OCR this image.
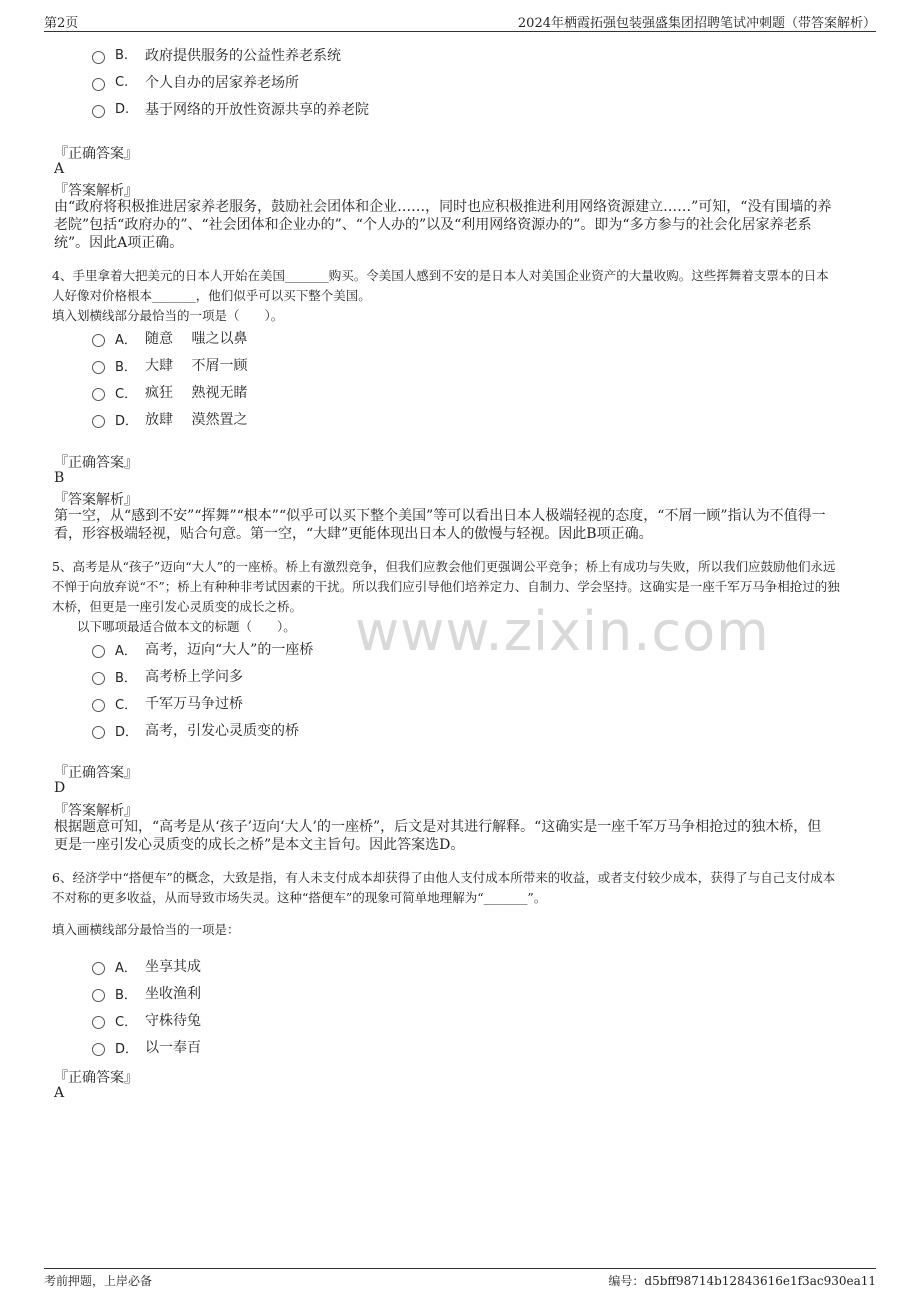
第2页	2024年栖霞拓强包装强盛集团招聘笔试冲刺题（带答案解析）
www.zixin.com
B.	政府提供服务的公益性养老系统
C.	个人自办的居家养老场所
D.	基于网络的开放性资源共享的养老院
『正确答案』
A
『答案解析』
由“政府将积极推进居家养老服务，鼓励社会团体和企业……，同时也应积极推进利用网络资源建立……”可知，“没有围墙的养
老院”包括“政府办的”、“社会团体和企业办的”、“个人办的”以及“利用网络资源办的”。即为“多方参与的社会化居家养老系
统”。因此A项正确。
4、手里拿着大把美元的日本人开始在美国_______购买。令美国人感到不安的是日本人对美国企业资产的大量收购。这些挥舞着支票本的日本
人好像对价格根本_______，他们似乎可以买下整个美国。
填入划横线部分最恰当的一项是（　　）。
A． 随意　 嗤之以鼻
B． 大肆　 不屑一顾
C． 疯狂　 熟视无睹
D． 放肆　 漠然置之
『正确答案』
B
『答案解析』
第一空，从“感到不安”“挥舞”“根本”“似乎可以买下整个美国”等可以看出日本人极端轻视的态度，“不屑一顾”指认为不值得一
看，形容极端轻视，贴合句意。第一空，“大肆”更能体现出日本人的傲慢与轻视。因此B项正确。
5、高考是从“孩子”迈向“大人”的一座桥。桥上有激烈竞争，但我们应教会他们更强调公平竞争；桥上有成功与失败，所以我们应鼓励他们永远
不惮于向放弃说“不”；桥上有种种非考试因素的干扰。所以我们应引导他们培养定力、自制力、学会坚持。这确实是一座千军万马争相抢过的独
木桥，但更是一座引发心灵质变的成长之桥。
　　以下哪项最适合做本文的标题（　　）。
A． 高考，迈向“大人”的一座桥
B． 高考桥上学问多
C． 千军万马争过桥
D． 高考，引发心灵质变的桥
『正确答案』
D
『答案解析』
根据题意可知，“高考是从‘孩子’迈向‘大人’的一座桥”，后文是对其进行解释。“这确实是一座千军万马争相抢过的独木桥，但
更是一座引发心灵质变的成长之桥”是本文主旨句。因此答案选D。
6、经济学中“搭便车”的概念，大致是指，有人未支付成本却获得了由他人支付成本所带来的收益，或者支付较少成本，获得了与自己支付成本
不对称的更多收益，从而导致市场失灵。这种“搭便车”的现象可简单地理解为“_______”。
填入画横线部分最恰当的一项是：
A． 坐享其成
B． 坐收渔利
C． 守株待兔
D． 以一奉百
『正确答案』
A
考前押题，上岸必备	编号：d5bff98714b12843616e1f3ac930ea11
